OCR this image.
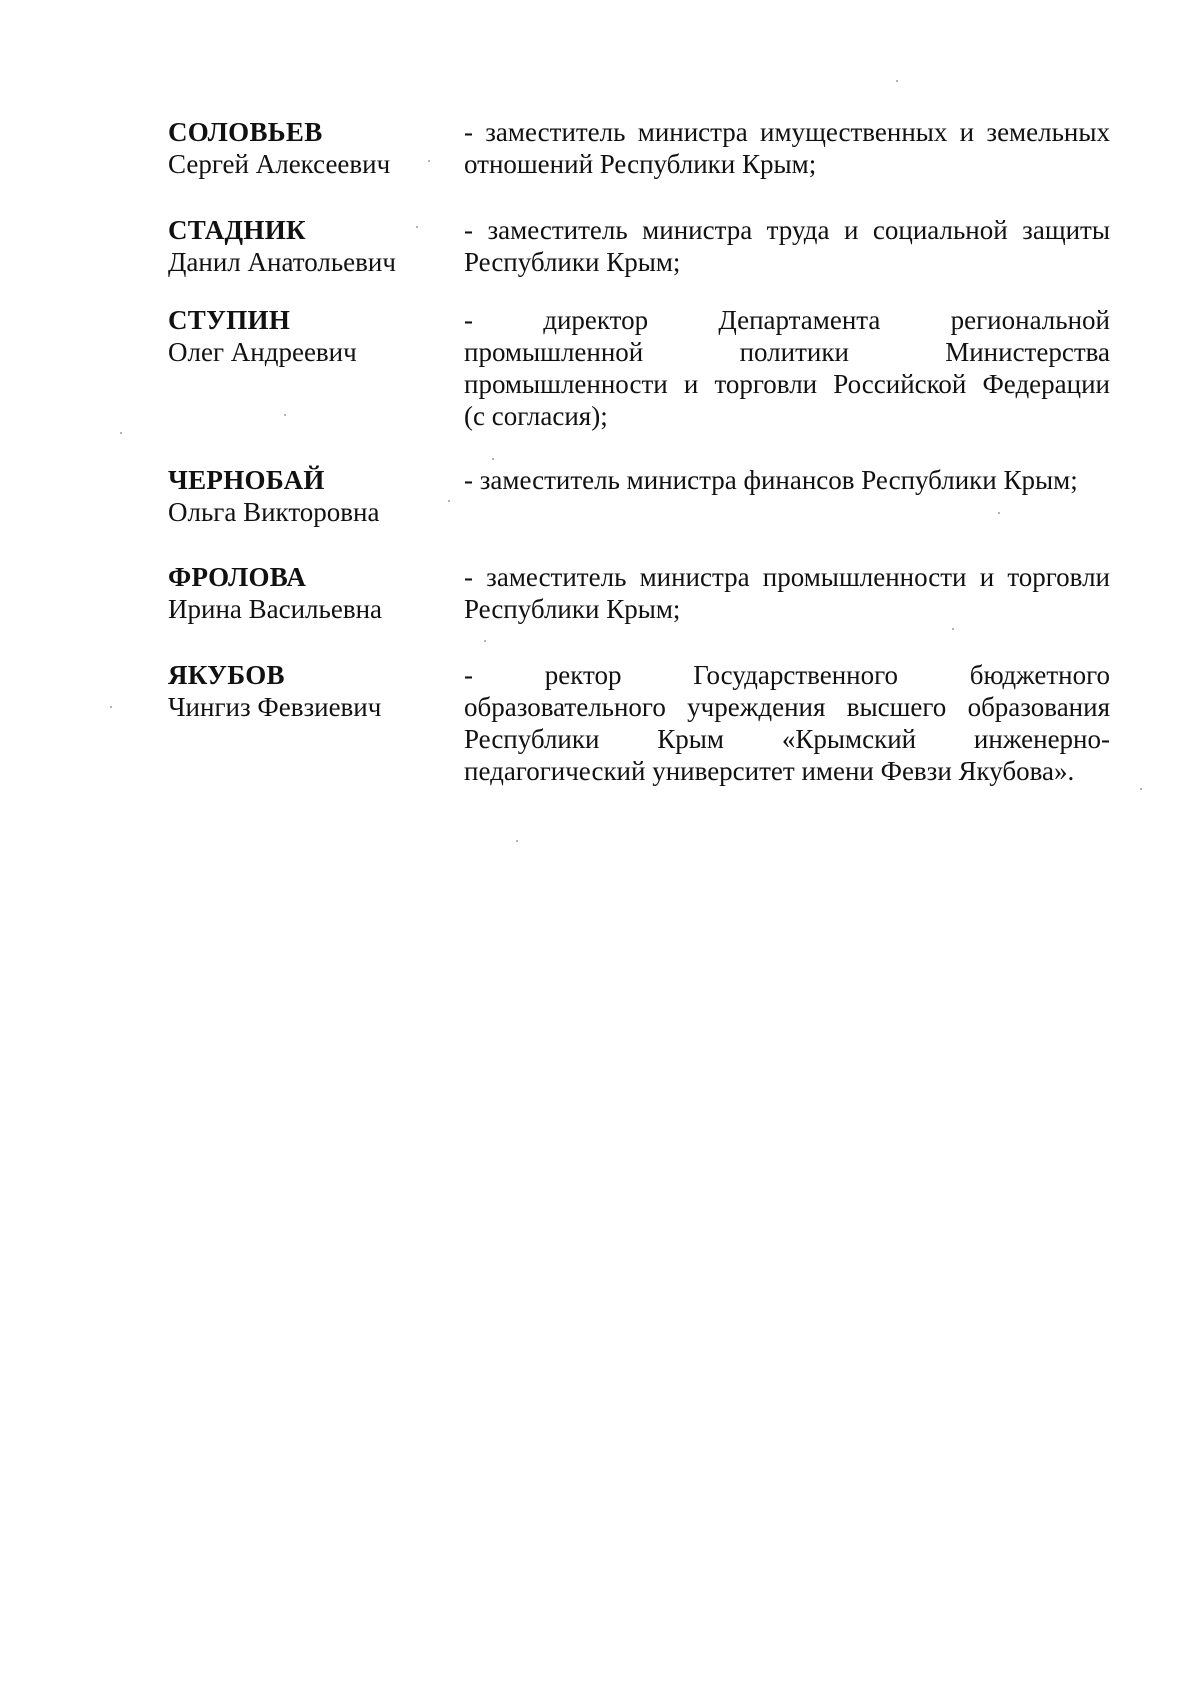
СОЛОВЬЕВ
Сергей Алексеевич
- заместитель министра имущественных и земельных
отношений Республики Крым;
СТАДНИК
Данил Анатольевич
- заместитель министра труда и социальной защиты
Республики Крым;
СТУПИН
Олег Андреевич
- директор Департамента региональной
промышленной политики Министерства
промышленности и торговли Российской Федерации
(с согласия);
ЧЕРНОБАЙ
Ольга Викторовна
- заместитель министра финансов Республики Крым;
ФРОЛОВА
Ирина Васильевна
- заместитель министра промышленности и торговли
Республики Крым;
ЯКУБОВ
Чингиз Февзиевич
- ректор Государственного бюджетного
образовательного учреждения высшего образования
Республики Крым «Крымский инженерно-
педагогический университет имени Февзи Якубова».
